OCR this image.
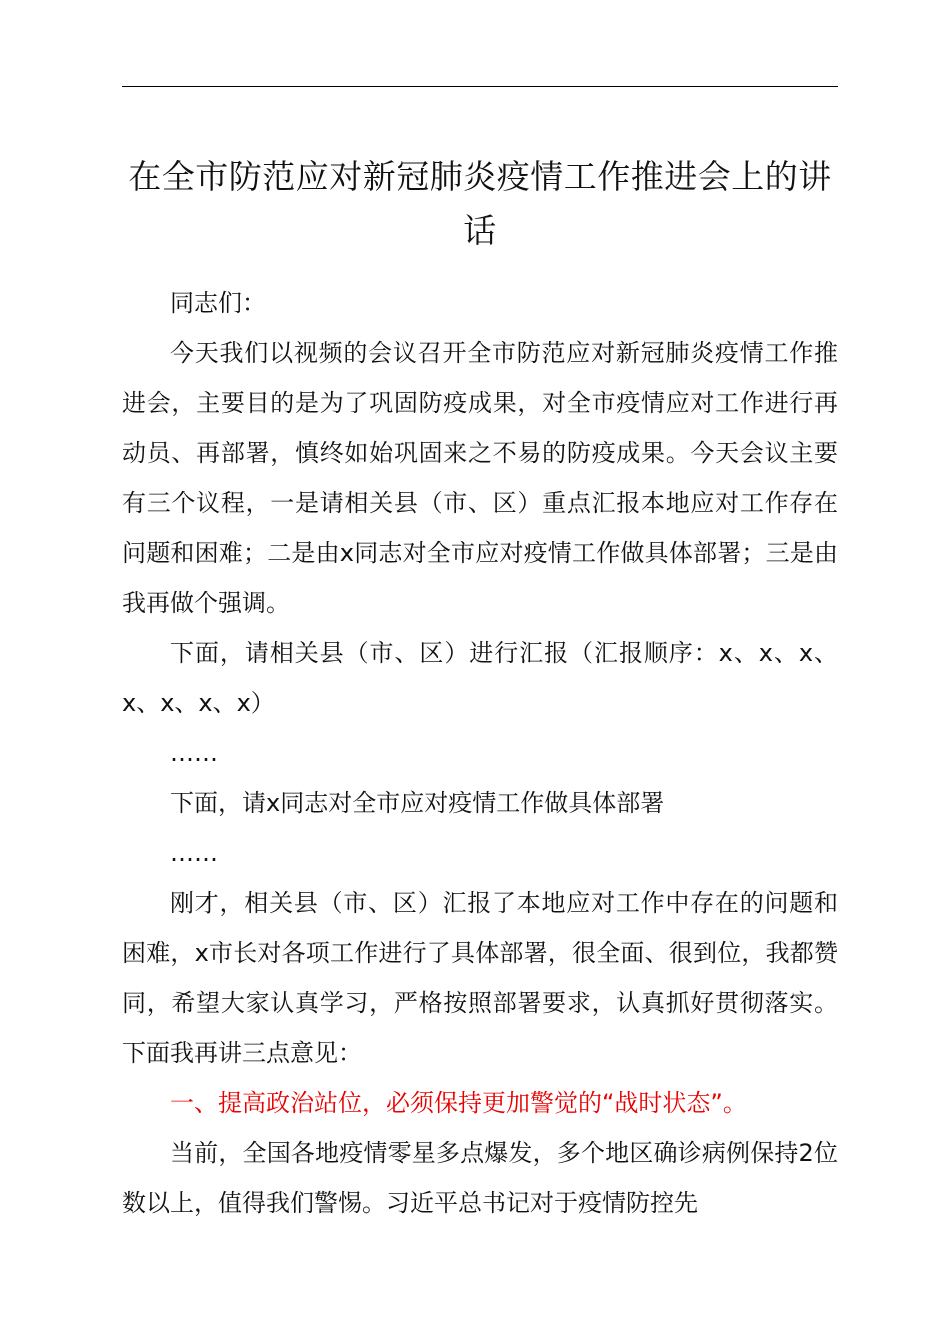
在全市防范应对新冠肺炎疫情工作推进会上的讲话

同志们：

今天我们以视频的会议召开全市防范应对新冠肺炎疫情工作推进会，主要目的是为了巩固防疫成果，对全市疫情应对工作进行再动员、再部署，慎终如始巩固来之不易的防疫成果。今天会议主要有三个议程，一是请相关县（市、区）重点汇报本地应对工作存在问题和困难；二是由x同志对全市应对疫情工作做具体部署；三是由我再做个强调。

下面，请相关县（市、区）进行汇报（汇报顺序：x、x、x、x、x、x、x）

……

下面，请x同志对全市应对疫情工作做具体部署

……

刚才，相关县（市、区）汇报了本地应对工作中存在的问题和困难，x市长对各项工作进行了具体部署，很全面、很到位，我都赞同，希望大家认真学习，严格按照部署要求，认真抓好贯彻落实。下面我再讲三点意见：

一、提高政治站位，必须保持更加警觉的“战时状态”。

当前，全国各地疫情零星多点爆发，多个地区确诊病例保持2位数以上，值得我们警惕。习近平总书记对于疫情防控先
